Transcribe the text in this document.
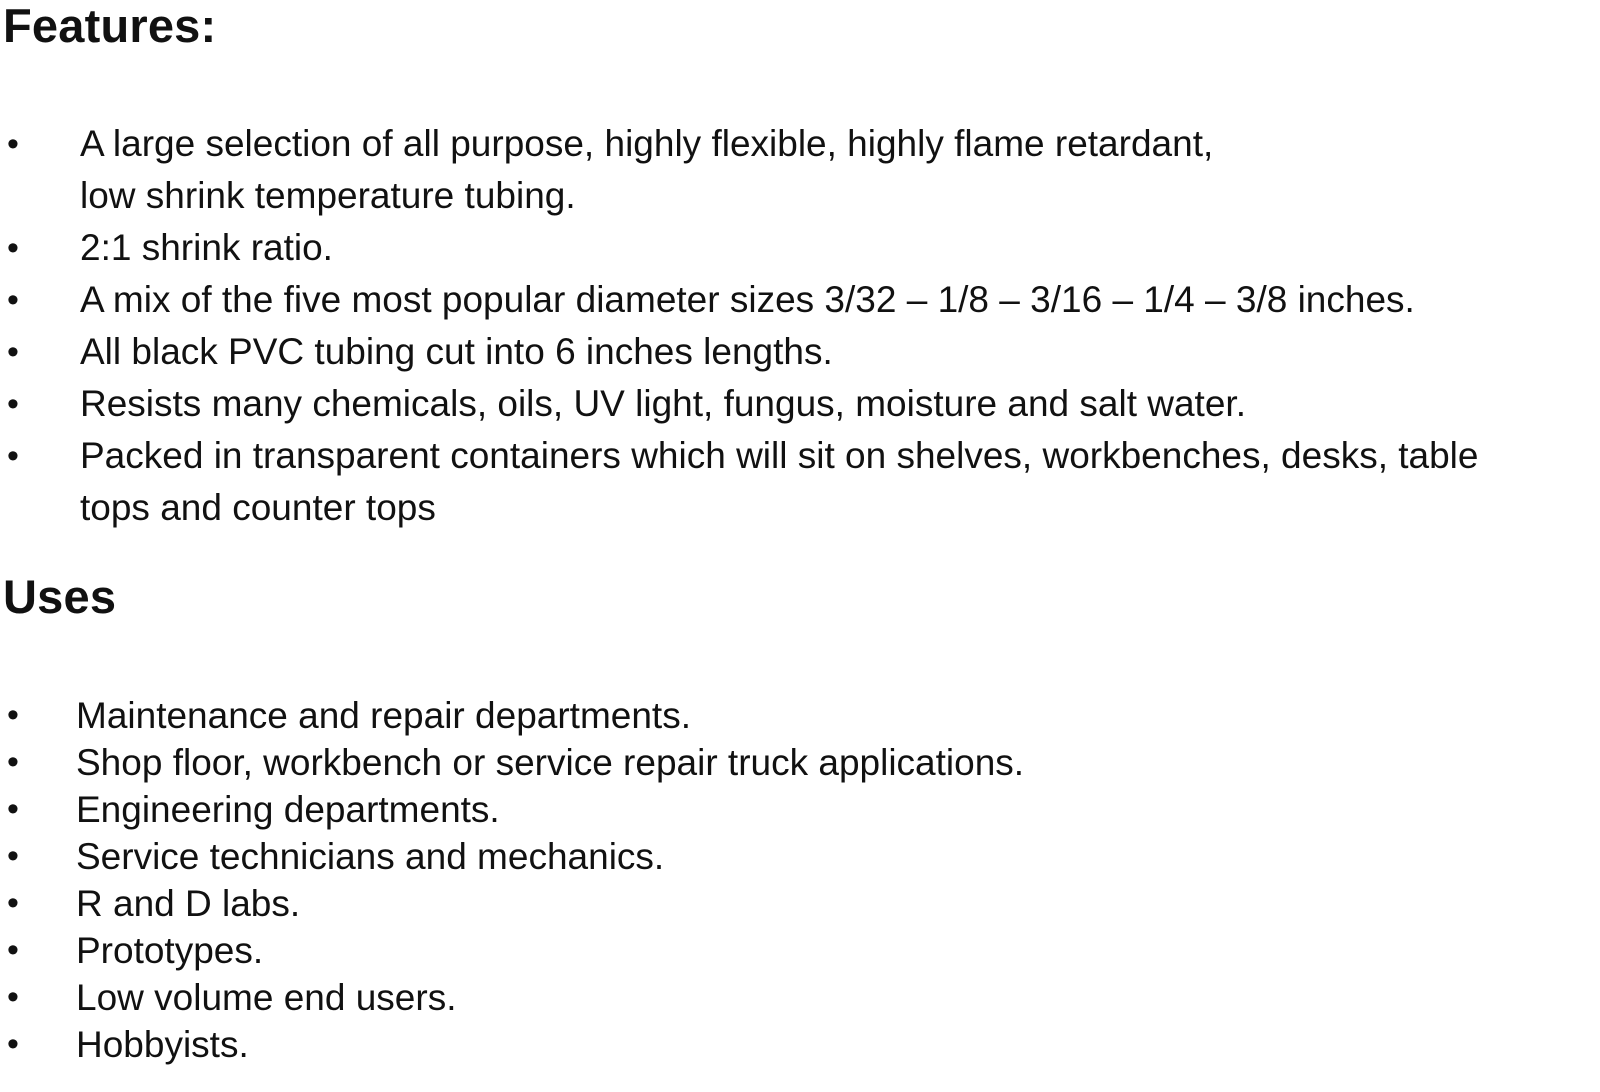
Features:
• A large selection of all purpose, highly flexible, highly flame retardant,
low shrink temperature tubing.
• 2:1 shrink ratio.
• A mix of the five most popular diameter sizes 3/32 – 1/8 – 3/16 – 1/4 – 3/8 inches.
• All black PVC tubing cut into 6 inches lengths.
• Resists many chemicals, oils, UV light, fungus, moisture and salt water.
• Packed in transparent containers which will sit on shelves, workbenches, desks, table
tops and counter tops
Uses
• Maintenance and repair departments.
• Shop floor, workbench or service repair truck applications.
• Engineering departments.
• Service technicians and mechanics.
• R and D labs.
• Prototypes.
• Low volume end users.
• Hobbyists.
